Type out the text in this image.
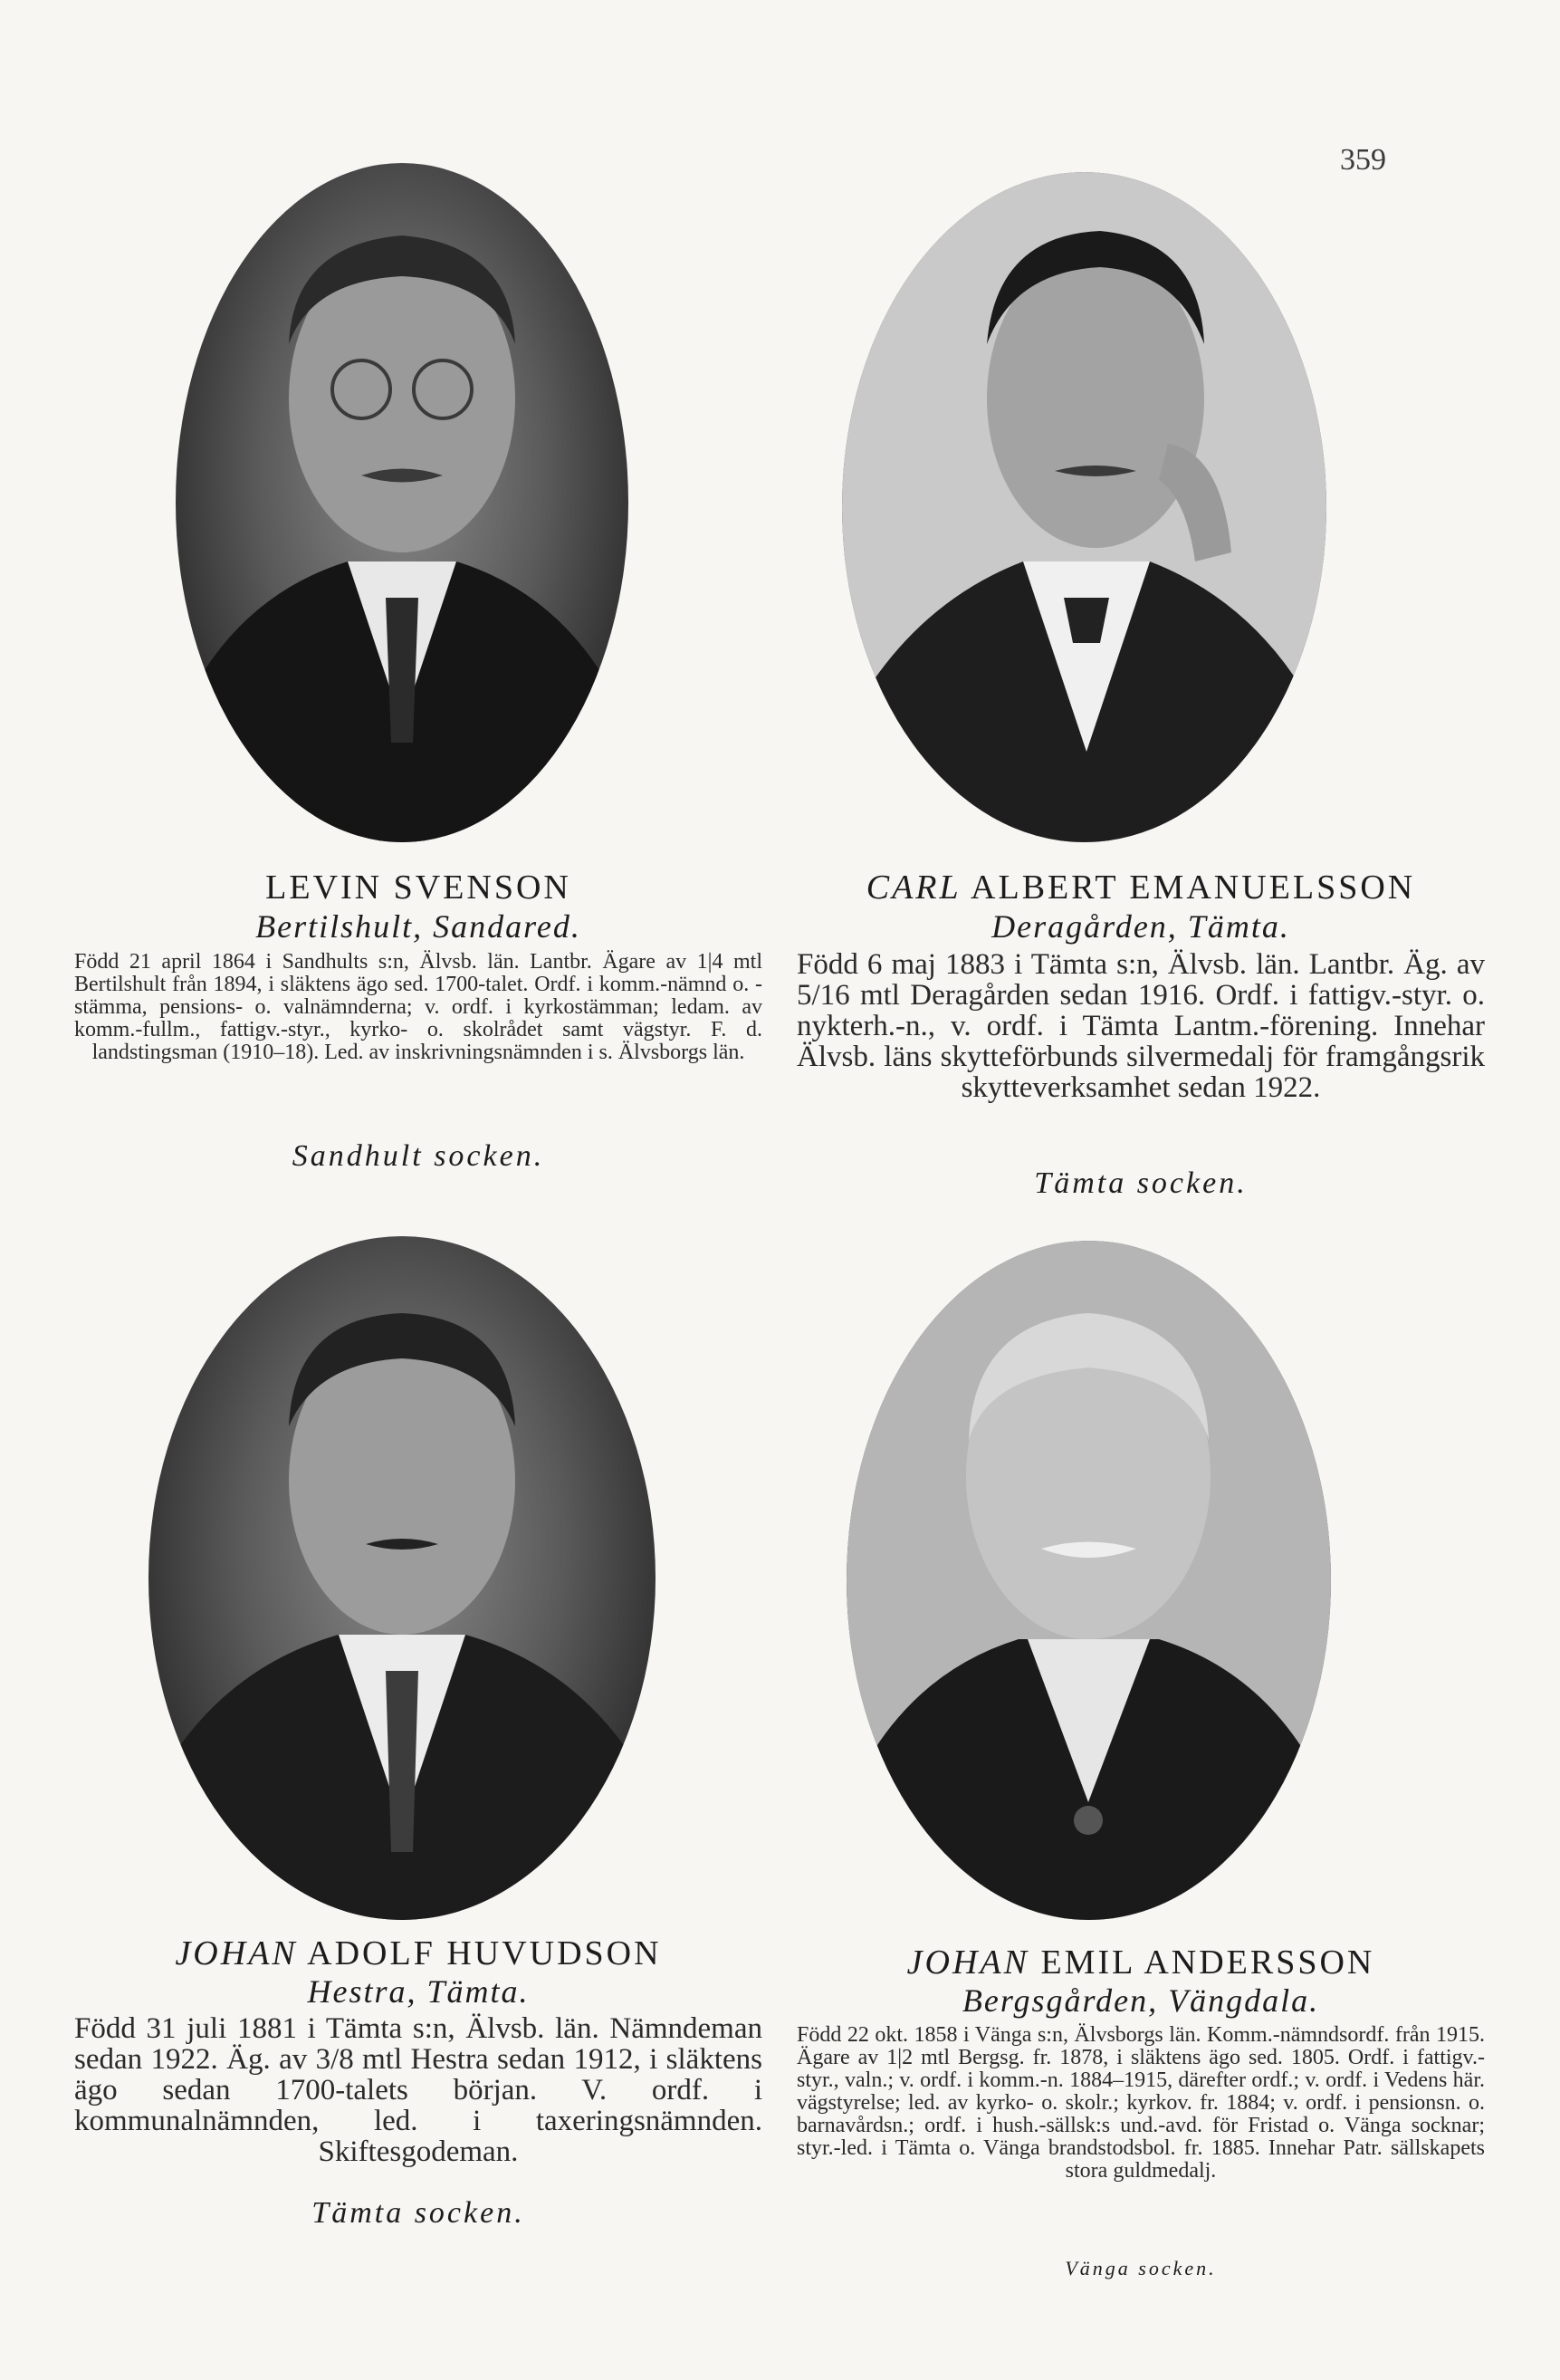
359
LEVIN SVENSON
Bertilshult, Sandared.
Född 21 april 1864 i Sandhults s:n, Älvsb. län. Lantbr. Ägare av 1|4 mtl Bertilshult från 1894, i släktens ägo sed. 1700-talet. Ordf. i komm.-nämnd o. -stämma, pensions- o. valnämnderna; v. ordf. i kyrkostämman; ledam. av komm.-fullm., fattigv.-styr., kyrko- o. skolrådet samt vägstyr. F. d. landstingsman (1910–18). Led. av inskrivningsnämnden i s. Älvsborgs län.
Sandhult socken.
CARL ALBERT EMANUELSSON
Deragården, Tämta.
Född 6 maj 1883 i Tämta s:n, Älvsb. län. Lantbr. Äg. av 5/16 mtl Deragården sedan 1916. Ordf. i fattigv.-styr. o. nykterh.-n., v. ordf. i Tämta Lantm.-förening. Innehar Älvsb. läns skytteförbunds silvermedalj för framgångsrik skytteverksamhet sedan 1922.
Tämta socken.
JOHAN ADOLF HUVUDSON
Hestra, Tämta.
Född 31 juli 1881 i Tämta s:n, Älvsb. län. Nämndeman sedan 1922. Äg. av 3/8 mtl Hestra sedan 1912, i släktens ägo sedan 1700-talets början. V. ordf. i kommunalnämnden, led. i taxeringsnämnden. Skiftesgodeman.
Tämta socken.
JOHAN EMIL ANDERSSON
Bergsgården, Vängdala.
Född 22 okt. 1858 i Vänga s:n, Älvsborgs län. Komm.-nämndsordf. från 1915. Ägare av 1|2 mtl Bergsg. fr. 1878, i släktens ägo sed. 1805. Ordf. i fattigv.-styr., valn.; v. ordf. i komm.-n. 1884–1915, därefter ordf.; v. ordf. i Vedens här. vägstyrelse; led. av kyrko- o. skolr.; kyrkov. fr. 1884; v. ordf. i pensionsn. o. barnavårdsn.; ordf. i hush.-sällsk:s und.-avd. för Fristad o. Vänga socknar; styr.-led. i Tämta o. Vänga brandstodsbol. fr. 1885. Innehar Patr. sällskapets stora guldmedalj.
Vänga socken.
